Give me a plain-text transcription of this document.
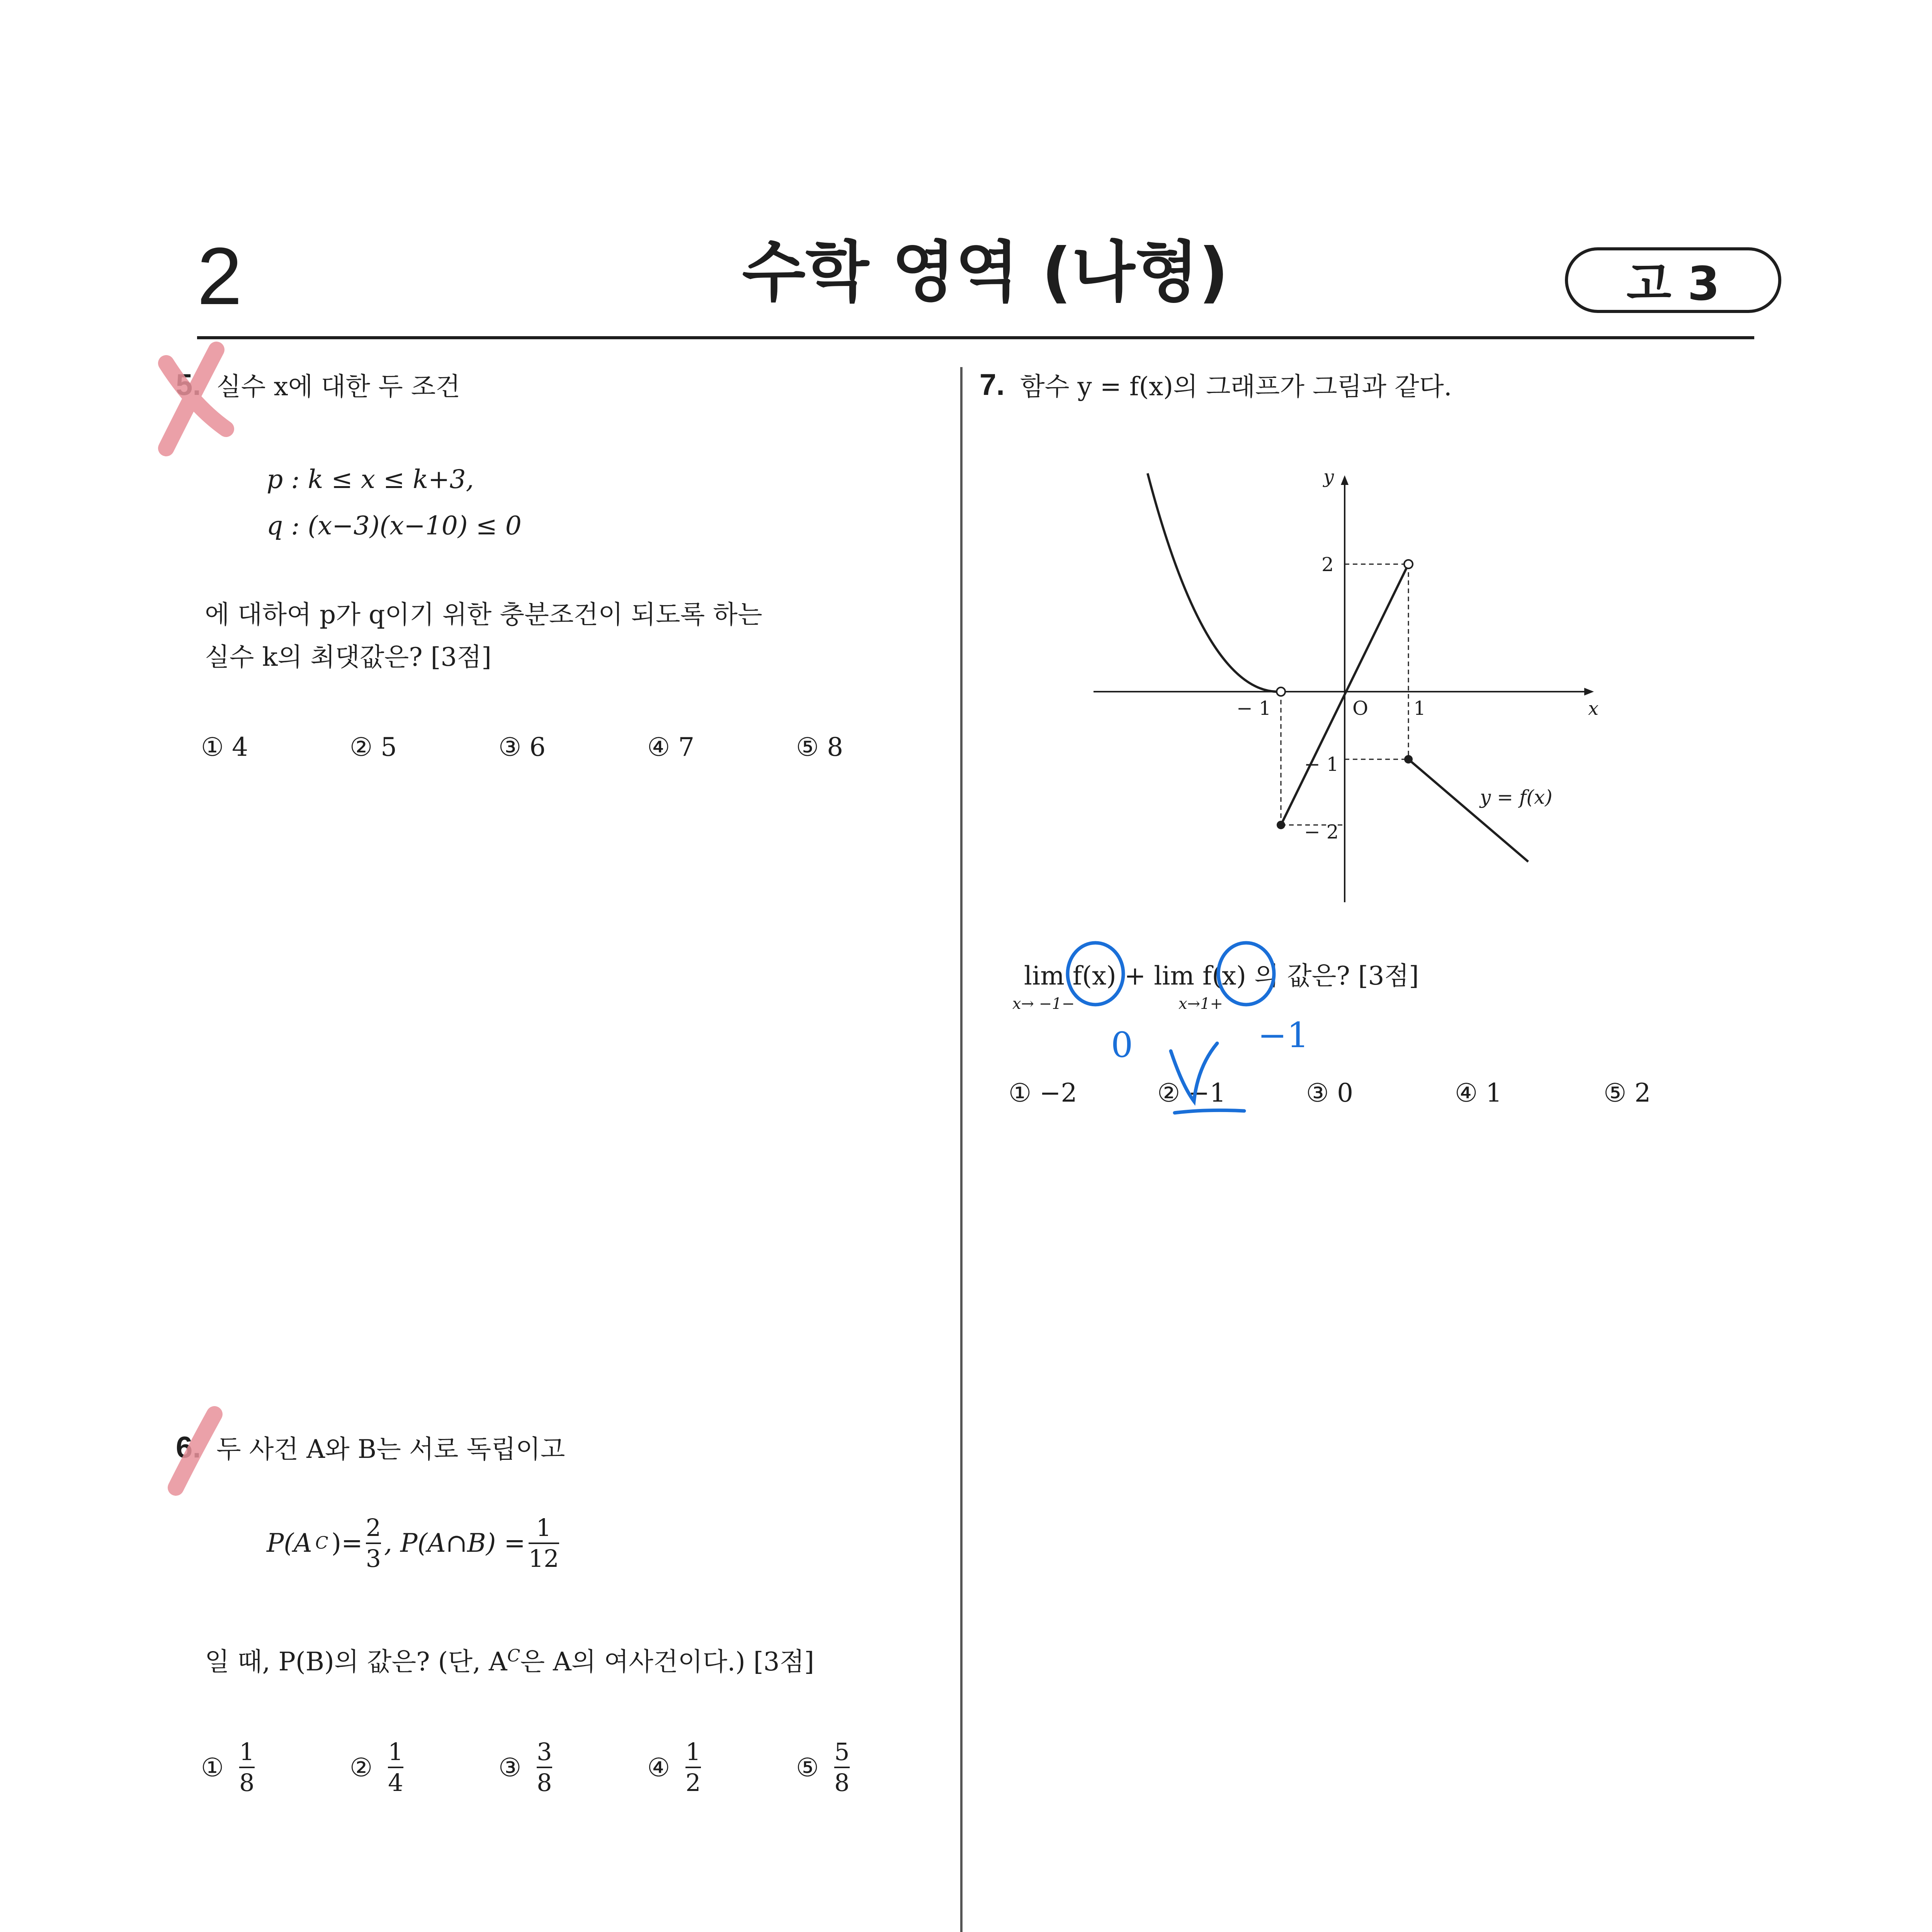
2	수학 영역 (나형)	고 3
5. 실수 x에 대한 두 조건
p : k ≤ x ≤ k+3,
q : (x−3)(x−10) ≤ 0
에 대하여 p가 q이기 위한 충분조건이 되도록 하는
실수 k의 최댓값은? [3점]
① 4	② 5	③ 6	④ 7	⑤ 8
6. 두 사건 A와 B는 서로 독립이고
P(A C )= $\frac{2}{3}$ , P(A∩B) = $\frac{1}{12}$
일 때, P(B)의 값은? (단, $A^C$은 A의 여사건이다.) [3점]
① $\frac{1}{8}$	② $\frac{1}{4}$	③ $\frac{3}{8}$	④ $\frac{1}{2}$	⑤ $\frac{5}{8}$
7. 함수 y = f(x)의 그래프가 그림과 같다.
x
y
O
− 1	1
2
− 1
− 2
y = f(x)
lim f(x) + lim f(x) 의 값은? [3점]
x→ −1−	x→1+
① −2	② −1	③ 0	④ 1	⑤ 2
0	−1
